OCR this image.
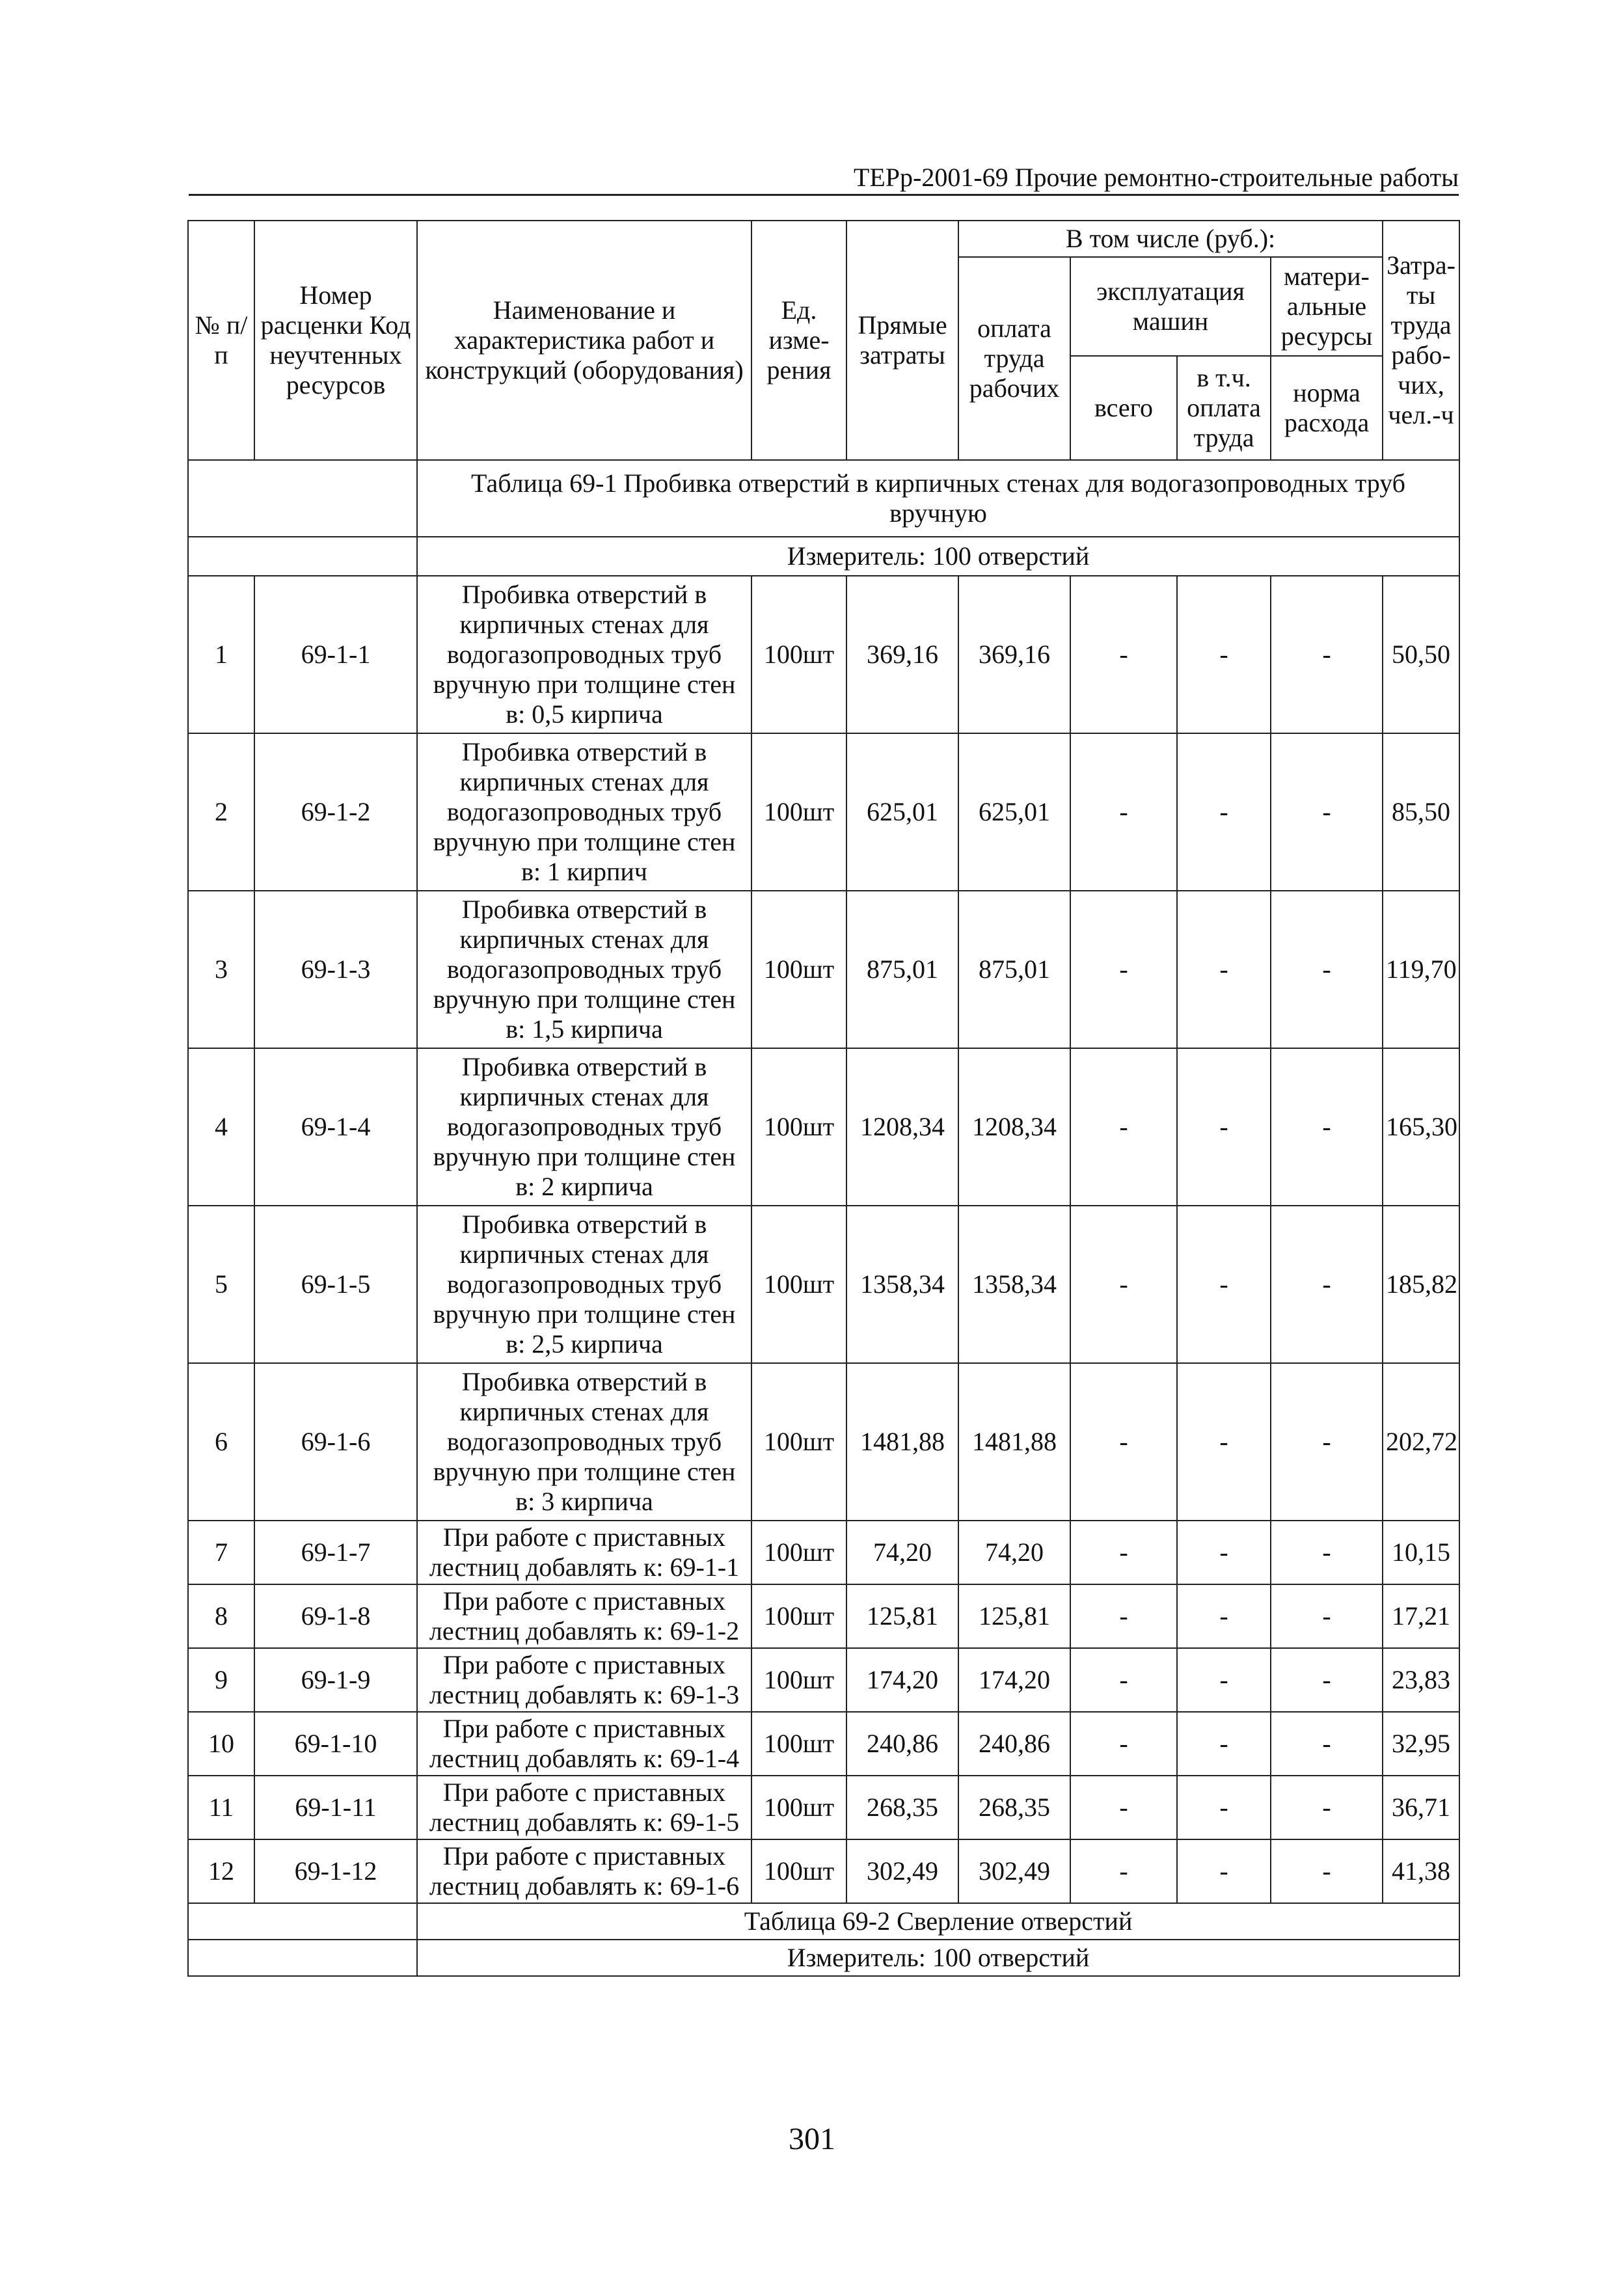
ТЕРр-2001-69 Прочие ремонтно-строительные работы
№ п/п	Номер расценки Код неучтенных ресурсов	Наименование и характеристика работ и конструкций (оборудования)	Ед. изме- рения	Прямые затраты	В том числе (руб.):				Затра- ты труда рабо- чих, чел.-ч
					оплата труда рабочих	эксплуатация машин		матери- альные ресурсы	

						всего	в т.ч. оплата труда	норма расхода	
		Таблица 69-1 Пробивка отверстий в кирпичных стенах для водогазопроводных труб вручную							
		Измеритель: 100 отверстий							
1	69-1-1	Пробивка отверстий в кирпичных стенах для водогазопроводных труб вручную при толщине стен в: 0,5 кирпича	100шт	369,16	369,16	-	-	-	50,50
2	69-1-2	Пробивка отверстий в кирпичных стенах для водогазопроводных труб вручную при толщине стен в: 1 кирпич	100шт	625,01	625,01	-	-	-	85,50
3	69-1-3	Пробивка отверстий в кирпичных стенах для водогазопроводных труб вручную при толщине стен в: 1,5 кирпича	100шт	875,01	875,01	-	-	-	119,70
4	69-1-4	Пробивка отверстий в кирпичных стенах для водогазопроводных труб вручную при толщине стен в: 2 кирпича	100шт	1208,34	1208,34	-	-	-	165,30
5	69-1-5	Пробивка отверстий в кирпичных стенах для водогазопроводных труб вручную при толщине стен в: 2,5 кирпича	100шт	1358,34	1358,34	-	-	-	185,82
6	69-1-6	Пробивка отверстий в кирпичных стенах для водогазопроводных труб вручную при толщине стен в: 3 кирпича	100шт	1481,88	1481,88	-	-	-	202,72
7	69-1-7	При работе с приставных лестниц добавлять к: 69-1-1	100шт	74,20	74,20	-	-	-	10,15
8	69-1-8	При работе с приставных лестниц добавлять к: 69-1-2	100шт	125,81	125,81	-	-	-	17,21
9	69-1-9	При работе с приставных лестниц добавлять к: 69-1-3	100шт	174,20	174,20	-	-	-	23,83
10	69-1-10	При работе с приставных лестниц добавлять к: 69-1-4	100шт	240,86	240,86	-	-	-	32,95
11	69-1-11	При работе с приставных лестниц добавлять к: 69-1-5	100шт	268,35	268,35	-	-	-	36,71
12	69-1-12	При работе с приставных лестниц добавлять к: 69-1-6	100шт	302,49	302,49	-	-	-	41,38
		Таблица 69-2 Сверление отверстий							
		Измеритель: 100 отверстий							
301
